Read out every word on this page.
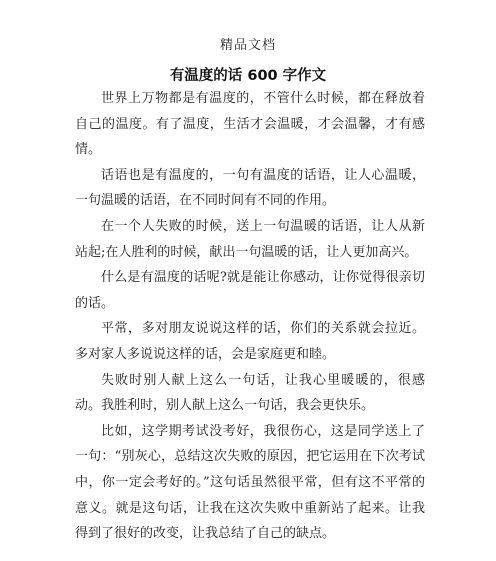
精品文档
有温度的话 600 字作文

世界上万物都是有温度的，不管什么时候，都在释放着自己的温度。有了温度，生活才会温暖，才会温馨，才有感情。

话语也是有温度的，一句有温度的话语，让人心温暖，一句温暖的话语，在不同时间有不同的作用。

在一个人失败的时候，送上一句温暖的话语，让人从新站起;在人胜利的时候，献出一句温暖的话，让人更加高兴。

什么是有温度的话呢?就是能让你感动，让你觉得很亲切的话。

平常，多对朋友说说这样的话，你们的关系就会拉近。多对家人多说说这样的话，会是家庭更和睦。

失败时别人献上这么一句话，让我心里暖暖的，很感动。我胜利时，别人献上这么一句话，我会更快乐。

比如，这学期考试没考好，我很伤心，这是同学送上了一句：“别灰心，总结这次失败的原因，把它运用在下次考试中，你一定会考好的。”这句话虽然很平常，但有这不平常的意义。就是这句话，让我在这次失败中重新站了起来。让我得到了很好的改变，让我总结了自己的缺点。
